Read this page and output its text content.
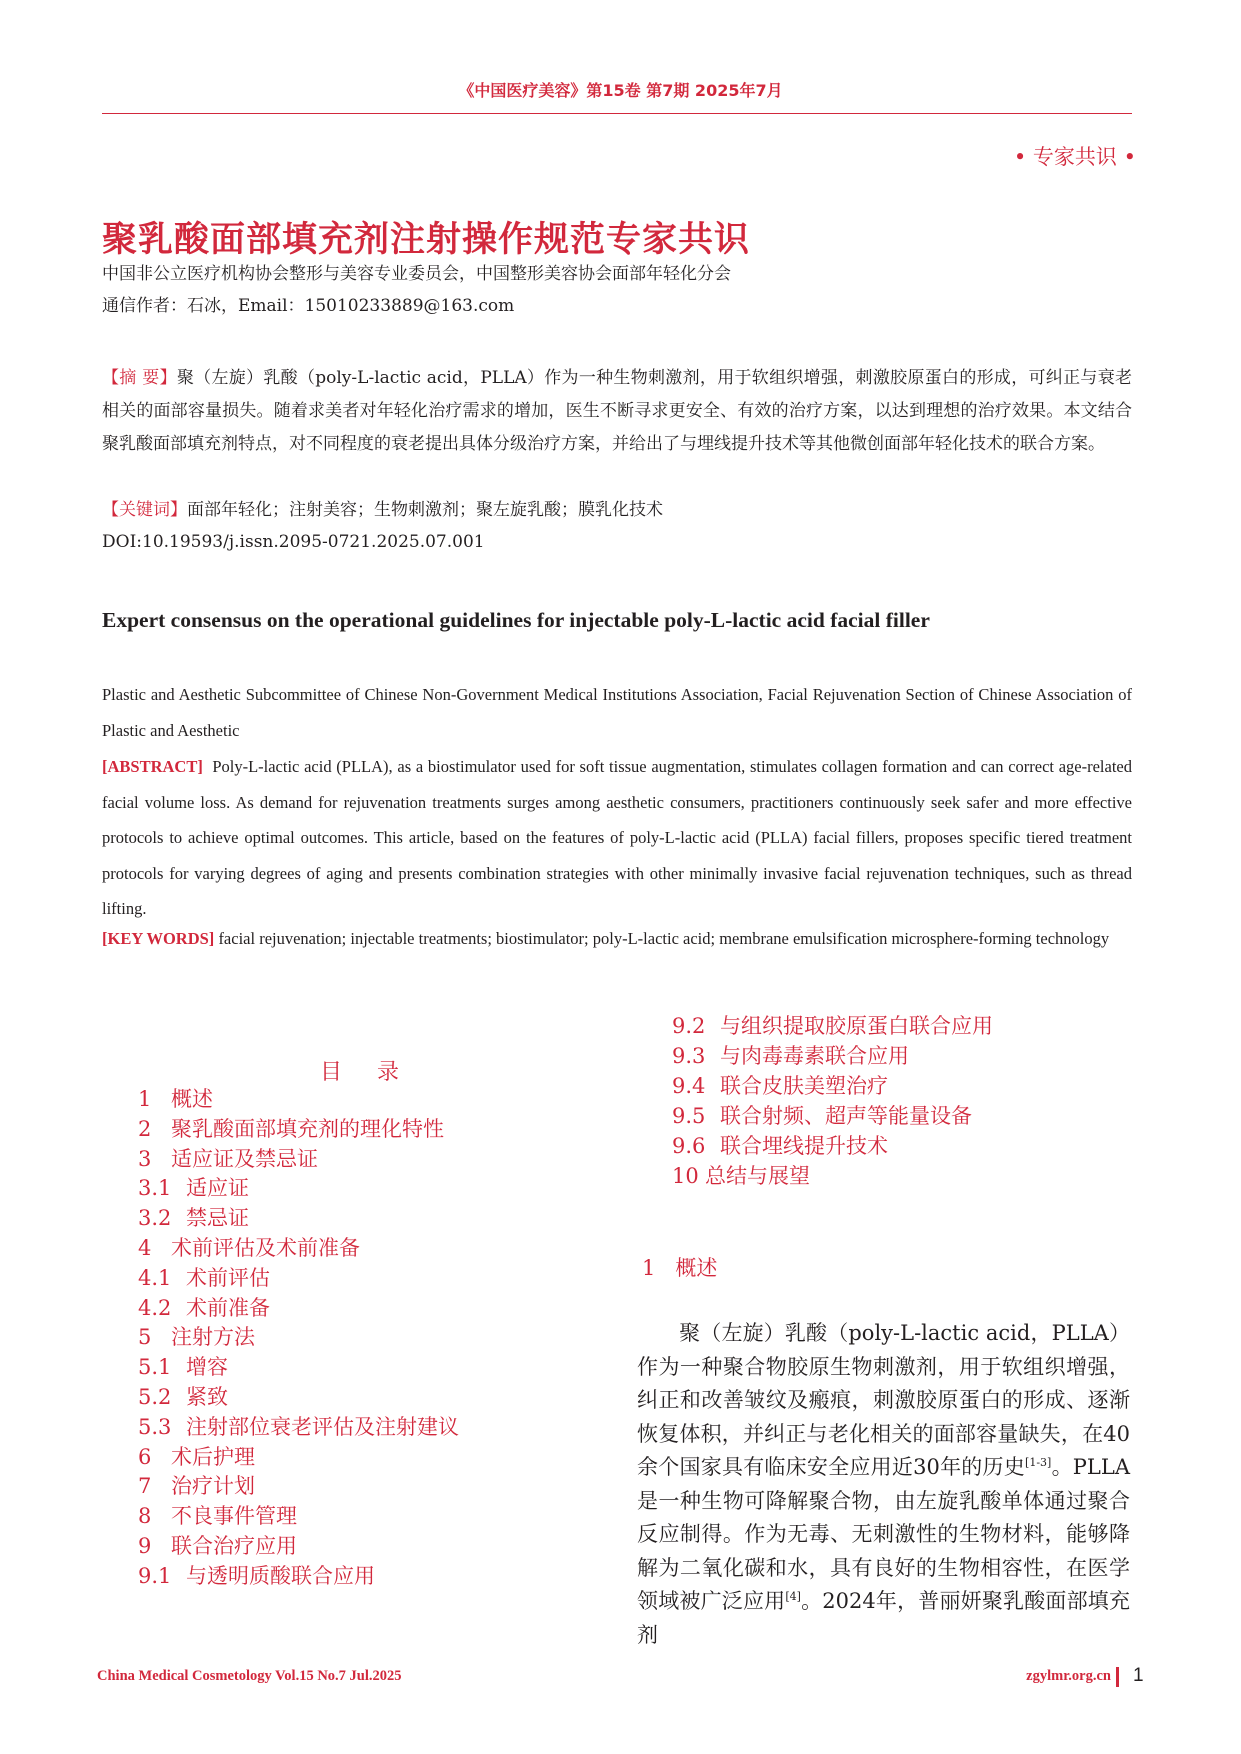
《中国医疗美容》第15卷 第7期 2025年7月
• 专家共识 •
聚乳酸面部填充剂注射操作规范专家共识
中国非公立医疗机构协会整形与美容专业委员会，中国整形美容协会面部年轻化分会
通信作者：石冰，Email：15010233889@163.com
【摘 要】聚（左旋）乳酸（poly-L-lactic acid，PLLA）作为一种生物刺激剂，用于软组织增强，刺激胶原蛋白的形成，可纠正与衰老相关的面部容量损失。随着求美者对年轻化治疗需求的增加，医生不断寻求更安全、有效的治疗方案，以达到理想的治疗效果。本文结合聚乳酸面部填充剂特点，对不同程度的衰老提出具体分级治疗方案，并给出了与埋线提升技术等其他微创面部年轻化技术的联合方案。
【关键词】面部年轻化；注射美容；生物刺激剂；聚左旋乳酸；膜乳化技术
DOI:10.19593/j.issn.2095-0721.2025.07.001
Expert consensus on the operational guidelines for injectable poly-L-lactic acid facial filler
Plastic and Aesthetic Subcommittee of Chinese Non-Government Medical Institutions Association, Facial Rejuvenation Section of Chinese Association of Plastic and Aesthetic
[ABSTRACT] Poly-L-lactic acid (PLLA), as a biostimulator used for soft tissue augmentation, stimulates collagen formation and can correct age-related facial volume loss. As demand for rejuvenation treatments surges among aesthetic consumers, practitioners continuously seek safer and more effective protocols to achieve optimal outcomes. This article, based on the features of poly-L-lactic acid (PLLA) facial fillers, proposes specific tiered treatment protocols for varying degrees of aging and presents combination strategies with other minimally invasive facial rejuvenation techniques, such as thread lifting.
[KEY WORDS] facial rejuvenation; injectable treatments; biostimulator; poly-L-lactic acid; membrane emulsification microsphere-forming technology
目 录
1 概述
2 聚乳酸面部填充剂的理化特性
3 适应证及禁忌证
3.1 适应证
3.2 禁忌证
4 术前评估及术前准备
4.1 术前评估
4.2 术前准备
5 注射方法
5.1 增容
5.2 紧致
5.3 注射部位衰老评估及注射建议
6 术后护理
7 治疗计划
8 不良事件管理
9 联合治疗应用
9.1 与透明质酸联合应用
9.2 与组织提取胶原蛋白联合应用
9.3 与肉毒毒素联合应用
9.4 联合皮肤美塑治疗
9.5 联合射频、超声等能量设备
9.6 联合埋线提升技术
10 总结与展望
1 概述
聚（左旋）乳酸（poly-L-lactic acid，PLLA）作为一种聚合物胶原生物刺激剂，用于软组织增强，纠正和改善皱纹及瘢痕，刺激胶原蛋白的形成、逐渐恢复体积，并纠正与老化相关的面部容量缺失，在40余个国家具有临床安全应用近30年的历史[1-3]。PLLA是一种生物可降解聚合物，由左旋乳酸单体通过聚合反应制得。作为无毒、无刺激性的生物材料，能够降解为二氧化碳和水，具有良好的生物相容性，在医学领域被广泛应用[4]。2024年，普丽妍聚乳酸面部填充剂
China Medical Cosmetology Vol.15 No.7 Jul.2025	zgylmr.org.cn 1
